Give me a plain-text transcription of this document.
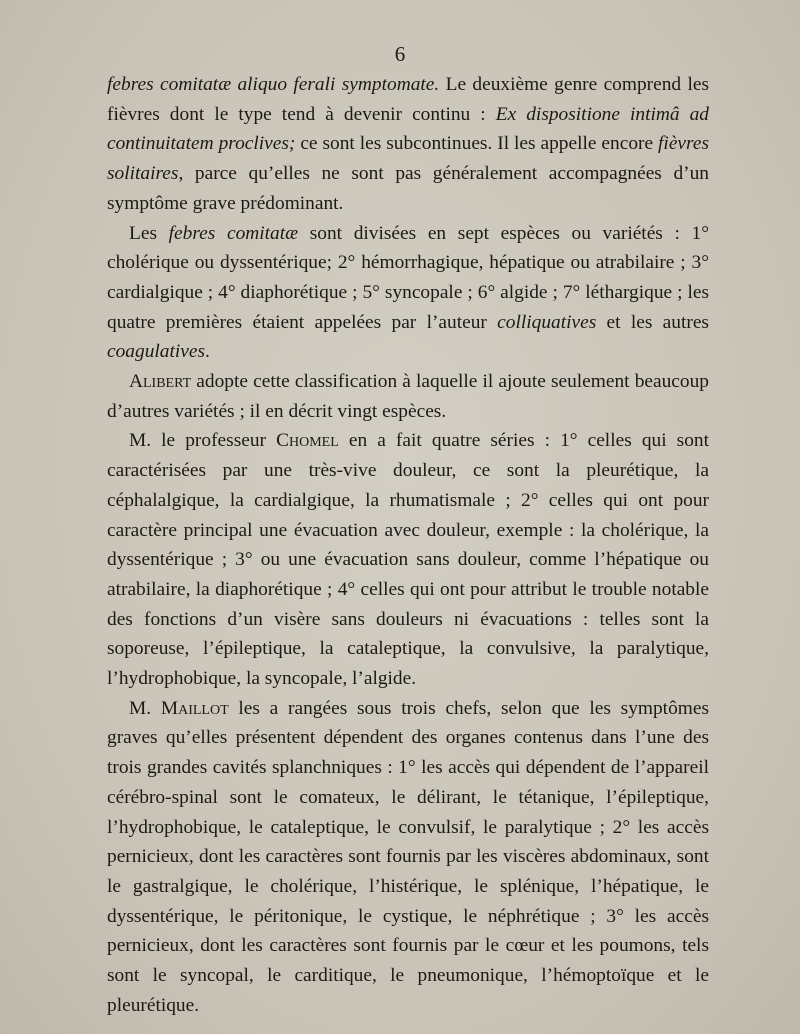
6

febres comitatæ aliquo ferali symptomate. Le deuxième genre comprend les fièvres dont le type tend à devenir continu : Ex dispositione intimâ ad continuitatem proclives; ce sont les subcontinues. Il les appelle encore fièvres solitaires, parce qu’elles ne sont pas généralement accompagnées d’un symptôme grave prédominant.

Les febres comitatæ sont divisées en sept espèces ou variétés : 1° cholérique ou dyssentérique; 2° hémorrhagique, hépatique ou atrabilaire ; 3° cardialgique ; 4° diaphorétique ; 5° syncopale ; 6° algide ; 7° léthargique ; les quatre premières étaient appelées par l’auteur colliquatives et les autres coagulatives.

Alibert adopte cette classification à laquelle il ajoute seulement beaucoup d’autres variétés ; il en décrit vingt espèces.

M. le professeur Chomel en a fait quatre séries : 1° celles qui sont caractérisées par une très-vive douleur, ce sont la pleurétique, la céphalalgique, la cardialgique, la rhumatismale ; 2° celles qui ont pour caractère principal une évacuation avec douleur, exemple : la cholérique, la dyssentérique ; 3° ou une évacuation sans douleur, comme l’hépatique ou atrabilaire, la diaphorétique ; 4° celles qui ont pour attribut le trouble notable des fonctions d’un visère sans douleurs ni évacuations : telles sont la soporeuse, l’épileptique, la cataleptique, la convulsive, la paralytique, l’hydrophobique, la syncopale, l’algide.

M. Maillot les a rangées sous trois chefs, selon que les symptômes graves qu’elles présentent dépendent des organes contenus dans l’une des trois grandes cavités splanchniques : 1° les accès qui dépendent de l’appareil cérébro-spinal sont le comateux, le délirant, le tétanique, l’épileptique, l’hydrophobique, le cataleptique, le convulsif, le paralytique ; 2° les accès pernicieux, dont les caractères sont fournis par les viscères abdominaux, sont le gastralgique, le cholérique, l’histérique, le splénique, l’hépatique, le dyssentérique, le péritonique, le cystique, le néphrétique ; 3° les accès pernicieux, dont les caractères sont fournis par le cœur et les poumons, tels sont le syncopal, le carditique, le pneumonique, l’hémoptoïque et le pleurétique.
